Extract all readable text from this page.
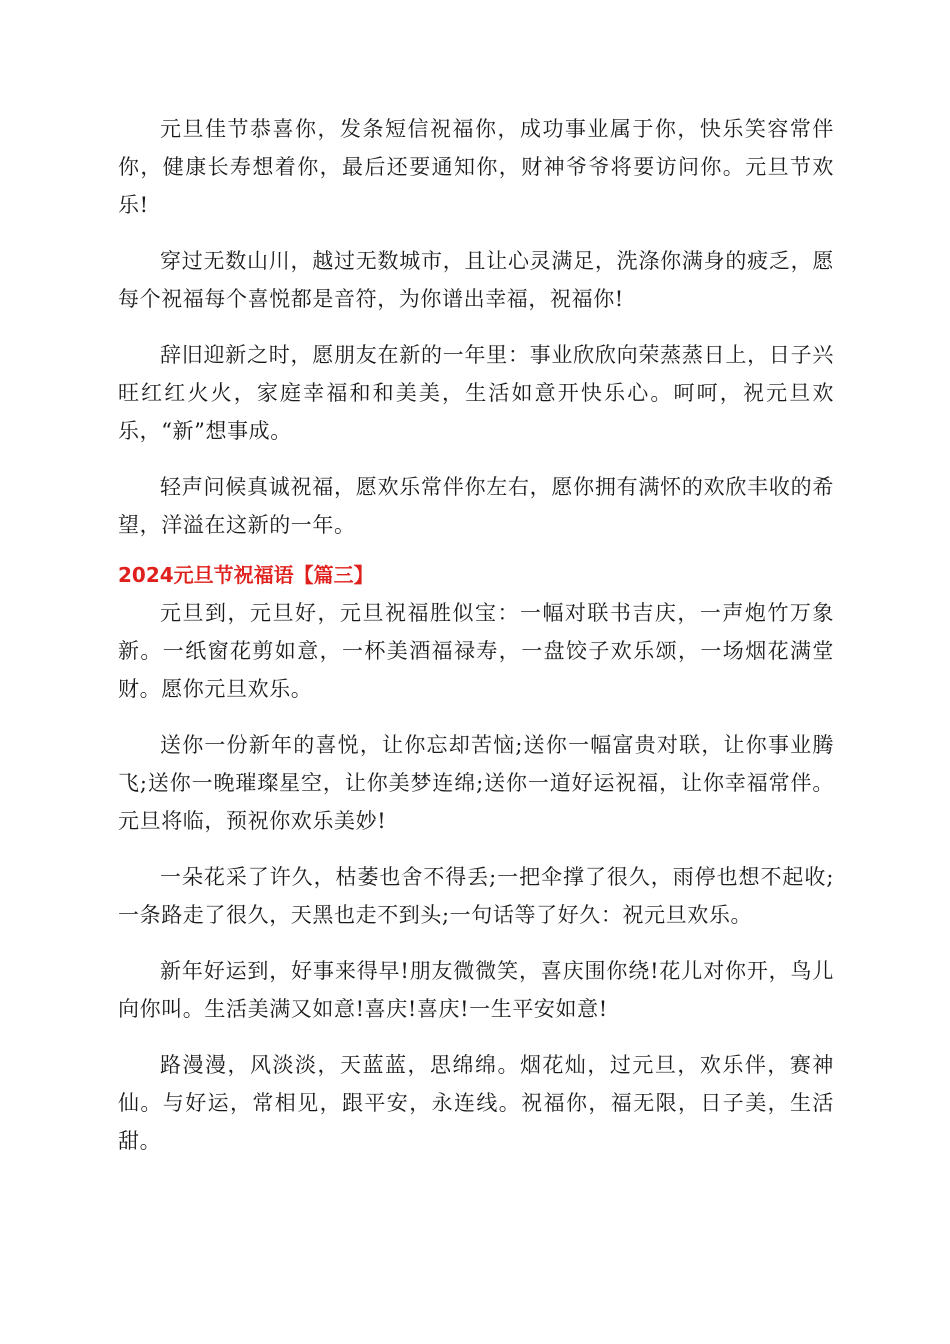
元旦佳节恭喜你，发条短信祝福你，成功事业属于你，快乐笑容常伴你，健康长寿想着你，最后还要通知你，财神爷爷将要访问你。元旦节欢乐!

穿过无数山川，越过无数城市，且让心灵满足，洗涤你满身的疲乏，愿每个祝福每个喜悦都是音符，为你谱出幸福，祝福你!

辞旧迎新之时，愿朋友在新的一年里：事业欣欣向荣蒸蒸日上，日子兴旺红红火火，家庭幸福和和美美，生活如意开快乐心。呵呵，祝元旦欢乐，“新”想事成。

轻声问候真诚祝福，愿欢乐常伴你左右，愿你拥有满怀的欢欣丰收的希望，洋溢在这新的一年。

2024元旦节祝福语【篇三】

元旦到，元旦好，元旦祝福胜似宝：一幅对联书吉庆，一声炮竹万象新。一纸窗花剪如意，一杯美酒福禄寿，一盘饺子欢乐颂，一场烟花满堂财。愿你元旦欢乐。

送你一份新年的喜悦，让你忘却苦恼;送你一幅富贵对联，让你事业腾飞;送你一晚璀璨星空，让你美梦连绵;送你一道好运祝福，让你幸福常伴。元旦将临，预祝你欢乐美妙!

一朵花采了许久，枯萎也舍不得丢;一把伞撑了很久，雨停也想不起收;一条路走了很久，天黑也走不到头;一句话等了好久：祝元旦欢乐。

新年好运到，好事来得早!朋友微微笑，喜庆围你绕!花儿对你开，鸟儿向你叫。生活美满又如意!喜庆!喜庆!一生平安如意!

路漫漫，风淡淡，天蓝蓝，思绵绵。烟花灿，过元旦，欢乐伴，赛神仙。与好运，常相见，跟平安，永连线。祝福你，福无限，日子美，生活甜。
